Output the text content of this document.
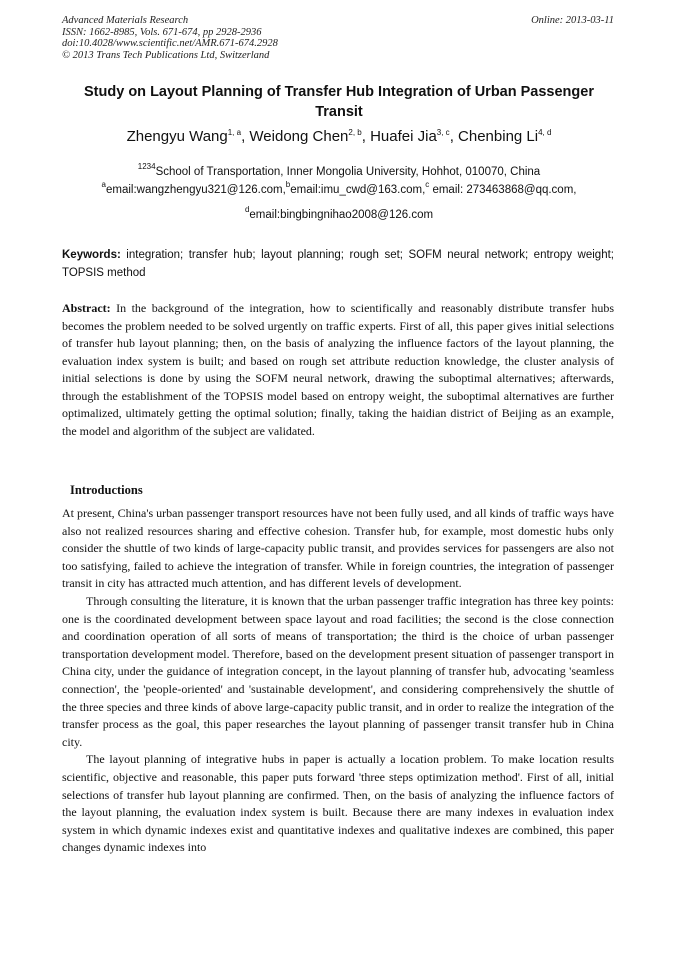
Advanced Materials Research
ISSN: 1662-8985, Vols. 671-674, pp 2928-2936
doi:10.4028/www.scientific.net/AMR.671-674.2928
© 2013 Trans Tech Publications Ltd, Switzerland
Online: 2013-03-11
Study on Layout Planning of Transfer Hub Integration of Urban Passenger Transit
Zhengyu Wang$^{1, a}$, Weidong Chen$^{2, b}$, Huafei Jia$^{3, c}$, Chenbing Li$^{4, d}$
$^{1234}$School of Transportation, Inner Mongolia University, Hohhot, 010070, China
$^a$email:wangzhengyu321@126.com,$^b$email:imu_cwd@163.com,$^c$ email: 273463868@qq.com,
$^d$email:bingbingnihao2008@126.com
Keywords: integration; transfer hub; layout planning; rough set; SOFM neural network; entropy weight; TOPSIS method

Abstract: In the background of the integration, how to scientifically and reasonably distribute transfer hubs becomes the problem needed to be solved urgently on traffic experts. First of all, this paper gives initial selections of transfer hub layout planning; then, on the basis of analyzing the influence factors of the layout planning, the evaluation index system is built; and based on rough set attribute reduction knowledge, the cluster analysis of initial selections is done by using the SOFM neural network, drawing the suboptimal alternatives; afterwards, through the establishment of the TOPSIS model based on entropy weight, the suboptimal alternatives are further optimalized, ultimately getting the optimal solution; finally, taking the haidian district of Beijing as an example, the model and algorithm of the subject are validated.

Introductions

At present, China's urban passenger transport resources have not been fully used, and all kinds of traffic ways have also not realized resources sharing and effective cohesion. Transfer hub, for example, most domestic hubs only consider the shuttle of two kinds of large-capacity public transit, and provides services for passengers are also not too satisfying, failed to achieve the integration of transfer. While in foreign countries, the integration of passenger transit in city has attracted much attention, and has different levels of development.

Through consulting the literature, it is known that the urban passenger traffic integration has three key points: one is the coordinated development between space layout and road facilities; the second is the close connection and coordination operation of all sorts of means of transportation; the third is the choice of urban passenger transportation development model. Therefore, based on the development present situation of passenger transport in China city, under the guidance of integration concept, in the layout planning of transfer hub, advocating 'seamless connection', the 'people-oriented' and 'sustainable development', and considering comprehensively the shuttle of the three species and three kinds of above large-capacity public transit, and in order to realize the integration of the transfer process as the goal, this paper researches the layout planning of passenger transit transfer hub in China city.

The layout planning of integrative hubs in paper is actually a location problem. To make location results scientific, objective and reasonable, this paper puts forward 'three steps optimization method'. First of all, initial selections of transfer hub layout planning are confirmed. Then, on the basis of analyzing the influence factors of the layout planning, the evaluation index system is built. Because there are many indexes in evaluation index system in which dynamic indexes exist and quantitative indexes and qualitative indexes are combined, this paper changes dynamic indexes into
